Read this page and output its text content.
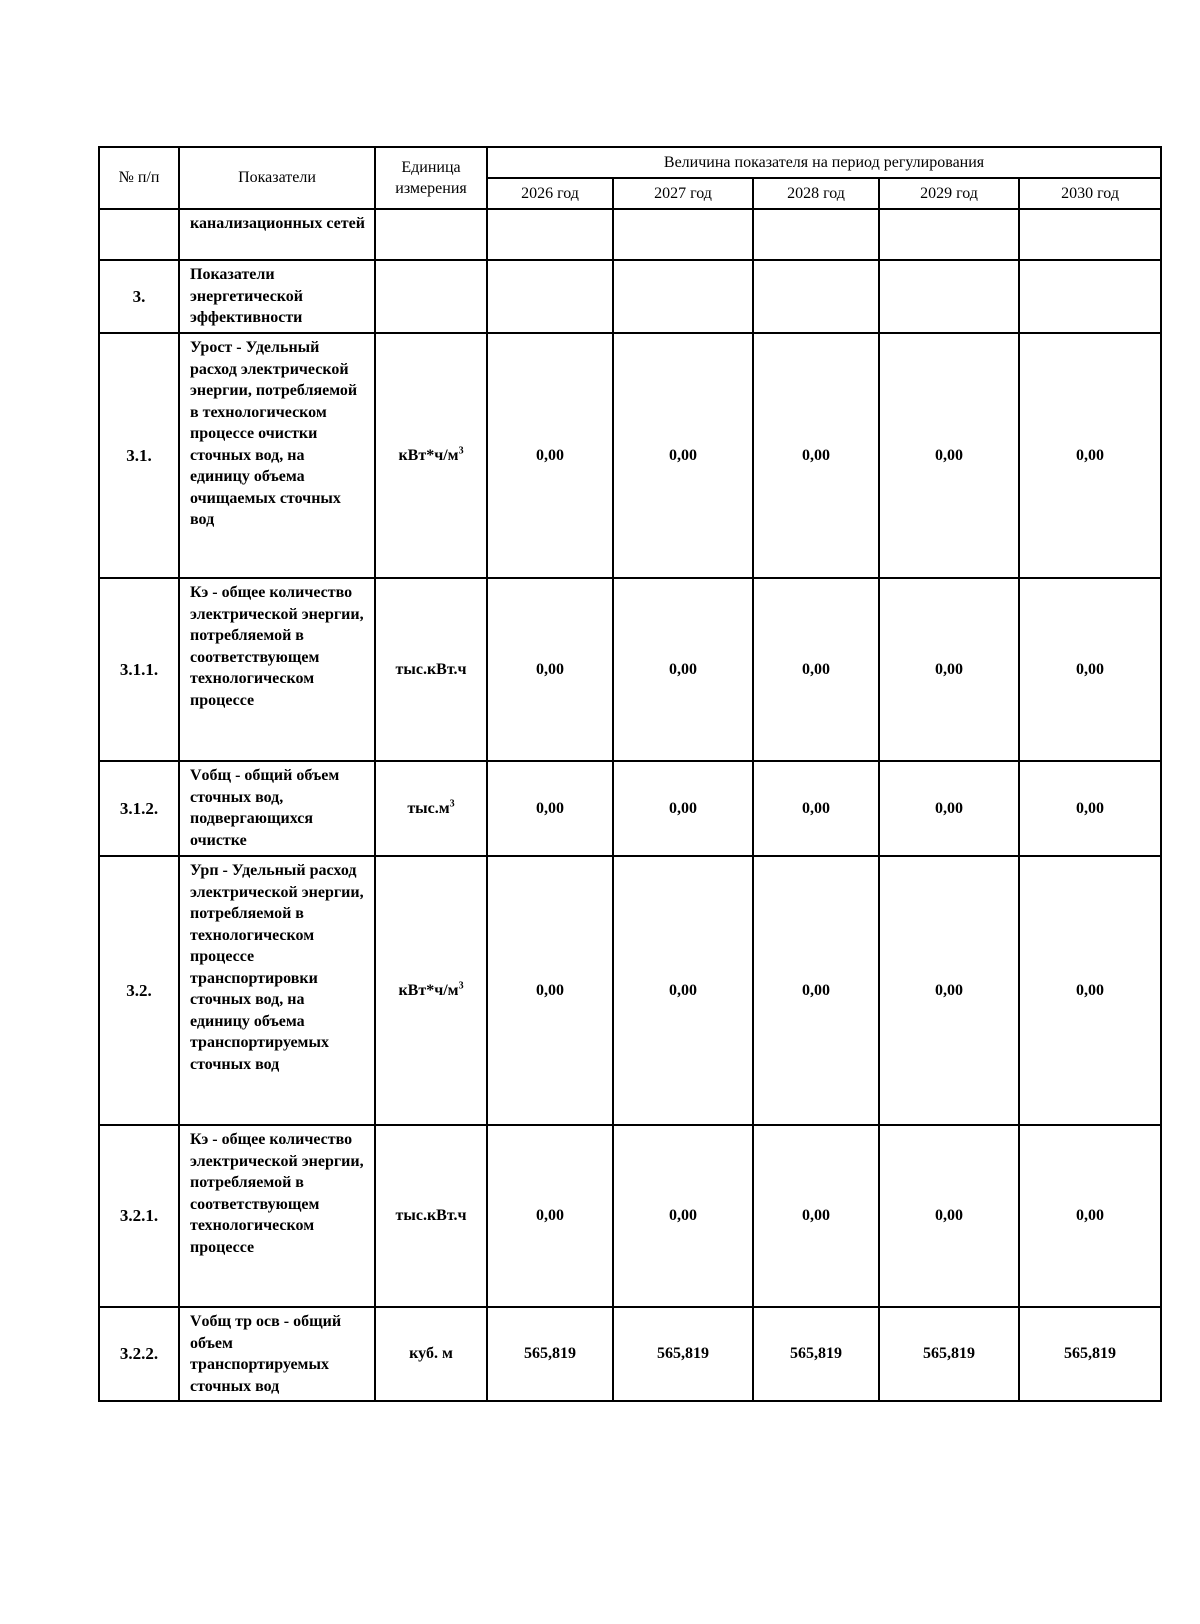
№ п/п	Показатели	Единица измерения	Величина показателя на период регулирования				
			2026 год	2027 год	2028 год	2029 год	2030 год
	канализационных сетей						
3.	Показатели энергетической эффективности						
3.1.	Урост - Удельный расход электрической энергии, потребляемой в технологическом процессе очистки сточных вод, на единицу объема очищаемых сточных вод	$кВт*ч/м^3$	0,00	0,00	0,00	0,00	0,00
3.1.1.	Кэ - общее количество электрической энергии, потребляемой в соответствующем технологическом процессе	тыс.кВт.ч	0,00	0,00	0,00	0,00	0,00
3.1.2.	Vобщ - общий объем сточных вод, подвергающихся очистке	$тыс.м^3$	0,00	0,00	0,00	0,00	0,00
3.2.	Урп - Удельный расход электрической энергии, потребляемой в технологическом процессе транспортировки сточных вод, на единицу объема транспортируемых сточных вод	$кВт*ч/м^3$	0,00	0,00	0,00	0,00	0,00
3.2.1.	Кэ - общее количество электрической энергии, потребляемой в соответствующем технологическом процессе	тыс.кВт.ч	0,00	0,00	0,00	0,00	0,00
3.2.2.	Vобщ тр осв - общий объем транспортируемых сточных вод	куб. м	565,819	565,819	565,819	565,819	565,819
